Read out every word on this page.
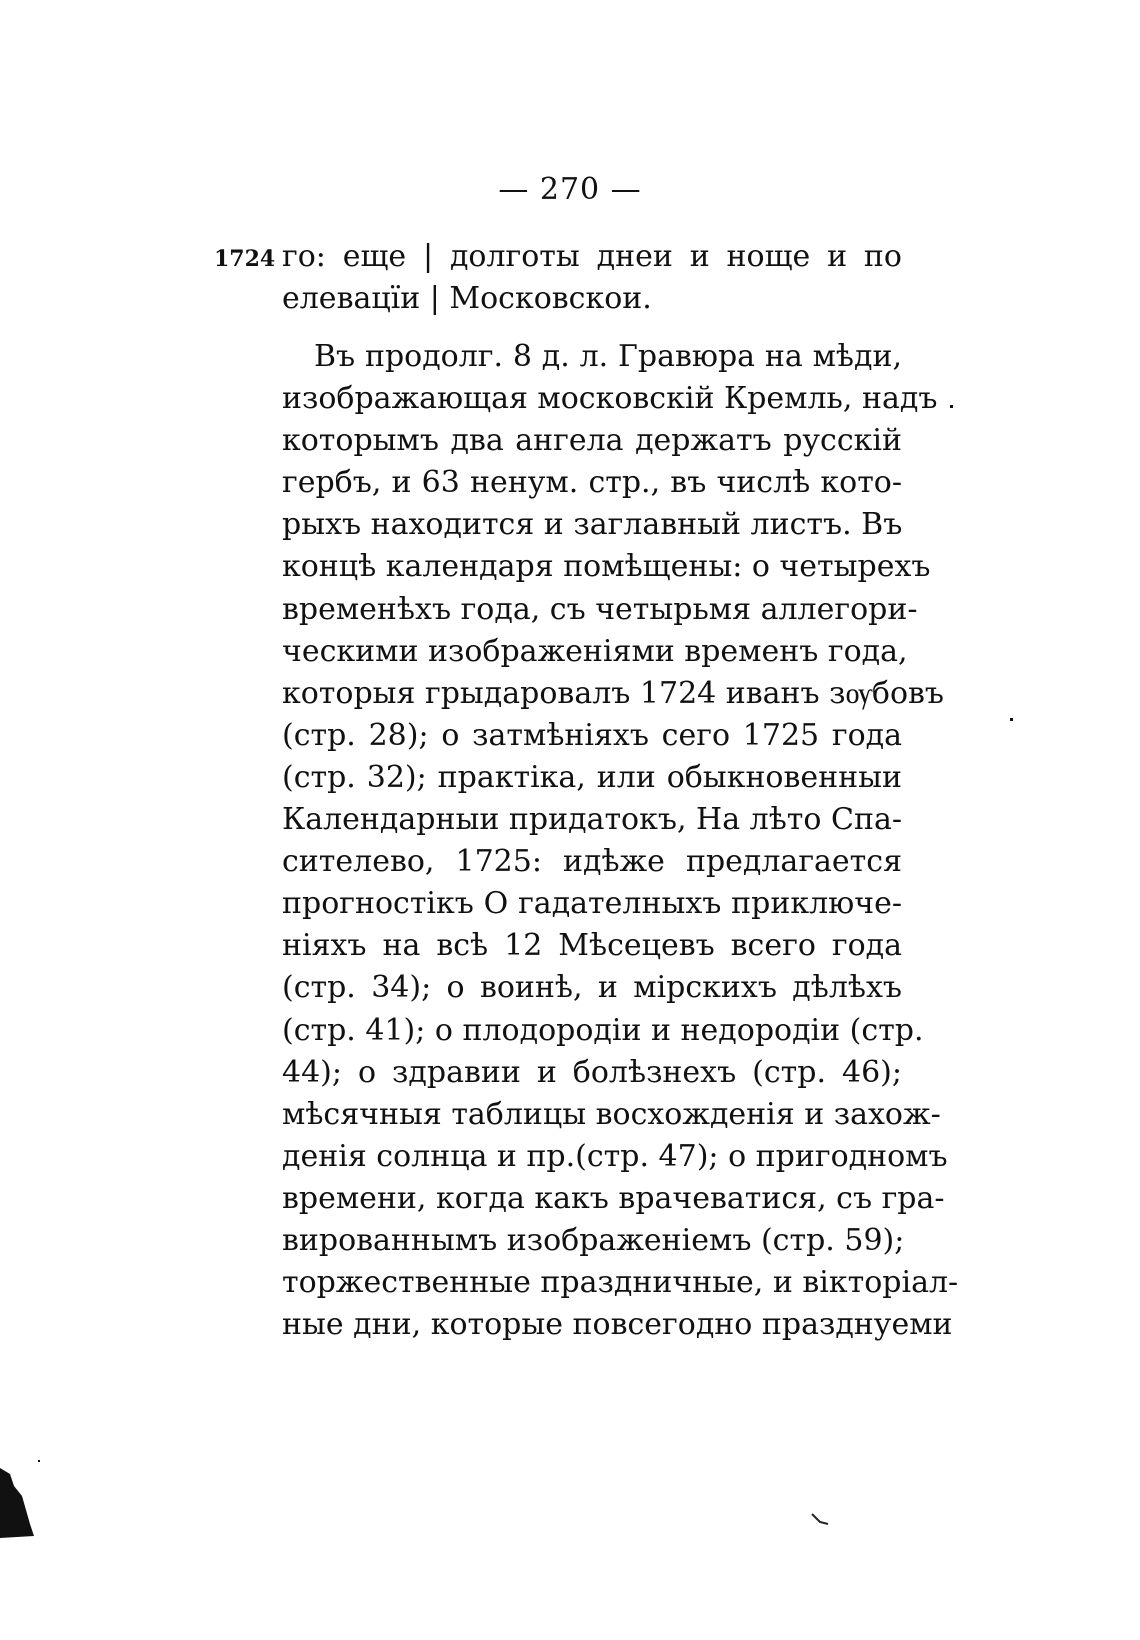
— 270 —
1724 го: еще | долготы днеи и нощe и по
елевацїи | Московскои.
Въ продолг. 8 д. л. Гравюра на мѣди,
изображающая московскій Кремль, надъ
которымъ два ангела держатъ русскій
гербъ, и 63 ненум. стр., въ числѣ кото-
рыхъ находится и заглавный листъ. Въ
концѣ календаря помѣщены: о четырехъ
временѣхъ года, съ четырьмя аллегори-
ческими изображеніями временъ года,
которыя грыдаровалъ 1724 иванъ зѹбовъ
(стр. 28); о затмѣніяхъ сего 1725 года
(стр. 32); практіка, или обыкновенныи
Календарныи придатокъ, На лѣто Спа-
сителево, 1725: идѣже предлагается
прогностікъ О гадателныхъ приключе-
ніяхъ на всѣ 12 Мѣсецевъ всего года
(стр. 34); о воинѣ, и мірскихъ дѣлѣхъ
(стр. 41); о плодородіи и недородіи (стр.
44); о здравии и болѣзнехъ (стр. 46);
мѣсячныя таблицы восхожденія и захож-
денія солнца и пр.(стр. 47); о пригодномъ
времени, когда какъ врачеватися, съ гра-
вированнымъ изображеніемъ (стр. 59);
торжественные праздничные, и вікторіал-
ные дни, которые повсегодно празднуеми
